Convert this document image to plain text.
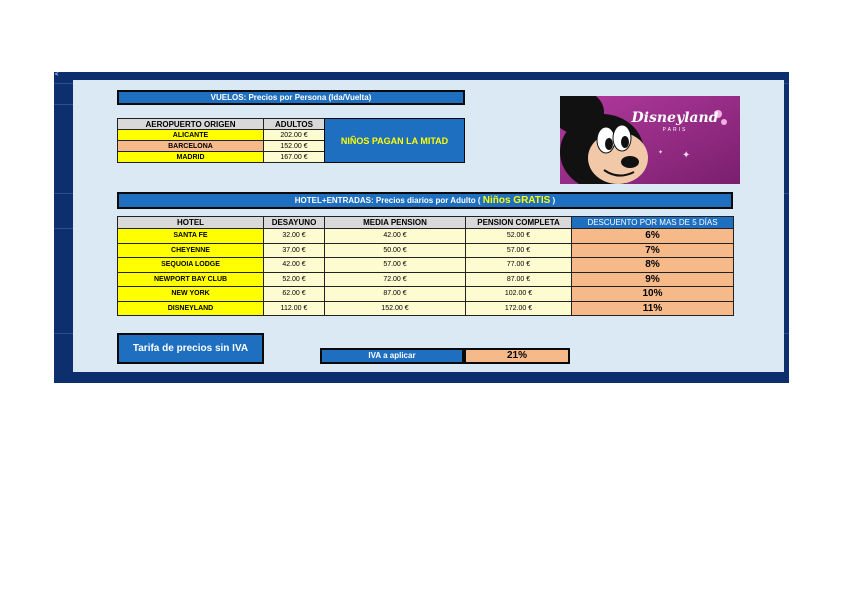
<
VUELOS: Precios por Persona (Ida/Vuelta)
AEROPUERTO ORIGEN	ADULTOS
ALICANTE	202.00 €
BARCELONA	152.00 €
MADRID	167.00 €
NIÑOS PAGAN LA MITAD
✦
✦
Disneyland
PARIS
HOTEL+ENTRADAS: Precios diarios por Adulto ( Niños GRATIS )
HOTEL	DESAYUNO	MEDIA PENSION	PENSION COMPLETA	DESCUENTO POR MAS DE 5 DÍAS
SANTA FE	32.00 €	42.00 €	52.00 €	6%
CHEYENNE	37.00 €	50.00 €	57.00 €	7%
SEQUOIA LODGE	42.00 €	57.00 €	77.00 €	8%
NEWPORT BAY CLUB	52.00 €	72.00 €	87.00 €	9%
NEW YORK	62.00 €	87.00 €	102.00 €	10%
DISNEYLAND	112.00 €	152.00 €	172.00 €	11%
Tarifa de precios sin IVA
IVA a aplicar	21%
